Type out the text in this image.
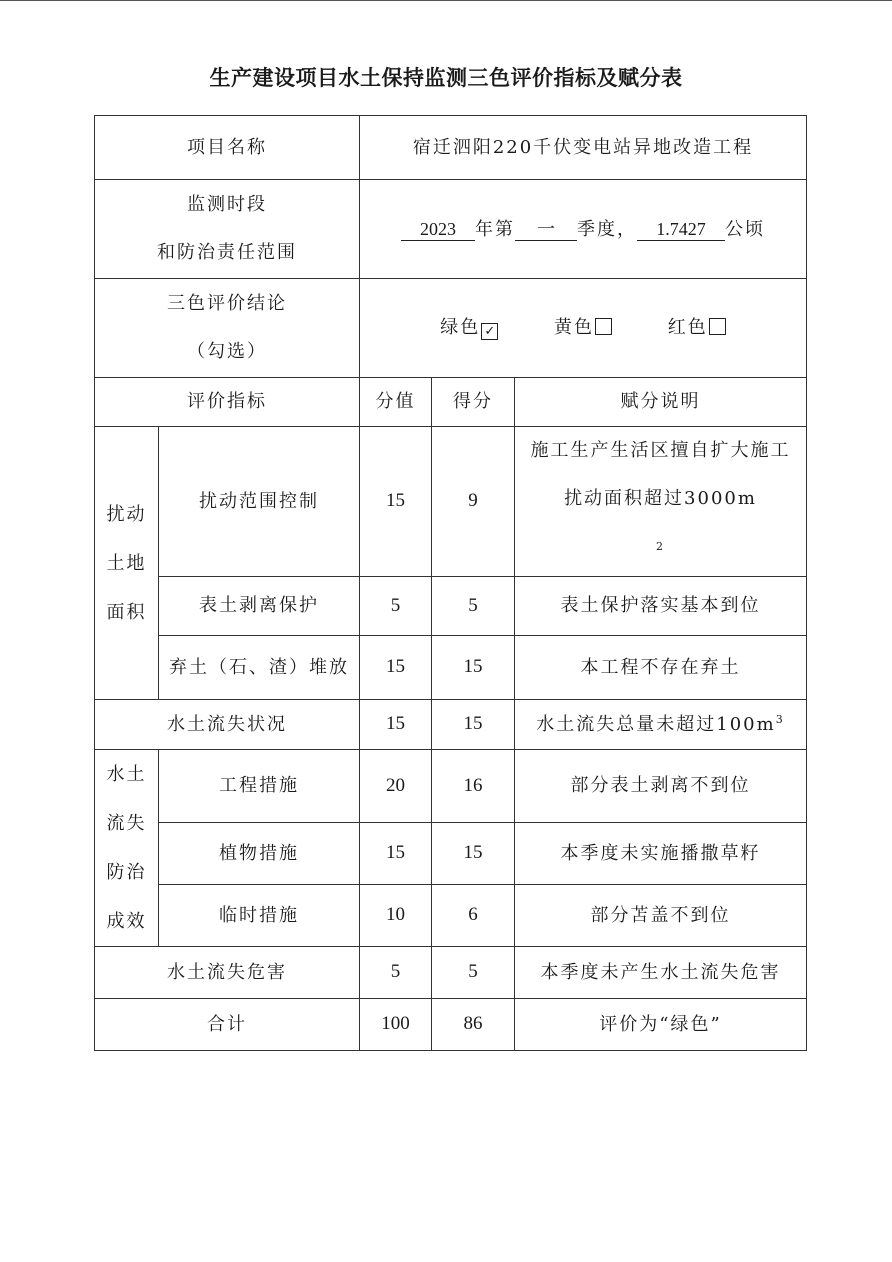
生产建设项目水土保持监测三色评价指标及赋分表
项目名称		宿迁泗阳220千伏变电站异地改造工程		

监测时段
和防治责任范围		2023 年第 一 季度， 1.7427 公顷		

三色评价结论
（勾选）		绿色 ✓ 黄色 红色		
评价指标		分值	得分	赋分说明

扰动
土地
面积	扰动范围控制	15	9	施工生产生活区擅自扩大施工
扰动面积超过3000m
$^2$

	表土剥离保护	5	5	表土保护落实基本到位
	弃土（石、渣）堆放	15	15	本工程不存在弃土
水土流失状况		15	15	水土流失总量未超过$100m^3$

水土
流失
防治
成效	工程措施	20	16	部分表土剥离不到位
	植物措施	15	15	本季度未实施播撒草籽
	临时措施	10	6	部分苫盖不到位
水土流失危害		5	5	本季度未产生水土流失危害
合计		100	86	评价为“绿色”
